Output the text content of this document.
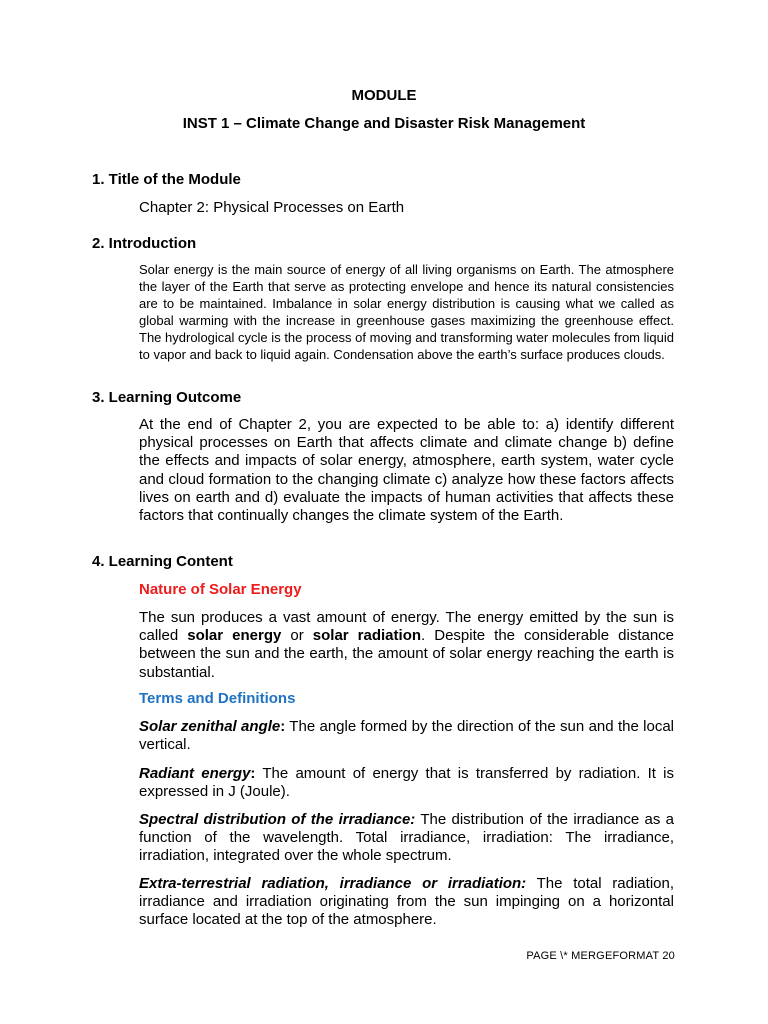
MODULE
INST 1 – Climate Change and Disaster Risk Management
1. Title of the Module
Chapter 2: Physical Processes on Earth
2. Introduction
Solar energy is the main source of energy of all living organisms on Earth. The atmosphere the layer of the Earth that serve as protecting envelope and hence its natural consistencies are to be maintained. Imbalance in solar energy distribution is causing what we called as global warming with the increase in greenhouse gases maximizing the greenhouse effect. The hydrological cycle is the process of moving and transforming water molecules from liquid to vapor and back to liquid again. Condensation above the earth’s surface produces clouds.
3. Learning Outcome
At the end of Chapter 2, you are expected to be able to: a) identify different physical processes on Earth that affects climate and climate change b) define the effects and impacts of solar energy, atmosphere, earth system, water cycle and cloud formation to the changing climate c) analyze how these factors affects lives on earth and d) evaluate the impacts of human activities that affects these factors that continually changes the climate system of the Earth.
4. Learning Content
Nature of Solar Energy
The sun produces a vast amount of energy. The energy emitted by the sun is called solar energy or solar radiation. Despite the considerable distance between the sun and the earth, the amount of solar energy reaching the earth is substantial.
Terms and Definitions
Solar zenithal angle: The angle formed by the direction of the sun and the local vertical.
Radiant energy: The amount of energy that is transferred by radiation. It is expressed in J (Joule).
Spectral distribution of the irradiance: The distribution of the irradiance as a function of the wavelength. Total irradiance, irradiation: The irradiance, irradiation, integrated over the whole spectrum.
Extra-terrestrial radiation, irradiance or irradiation: The total radiation, irradiance and irradiation originating from the sun impinging on a horizontal surface located at the top of the atmosphere.
PAGE \* MERGEFORMAT 20
